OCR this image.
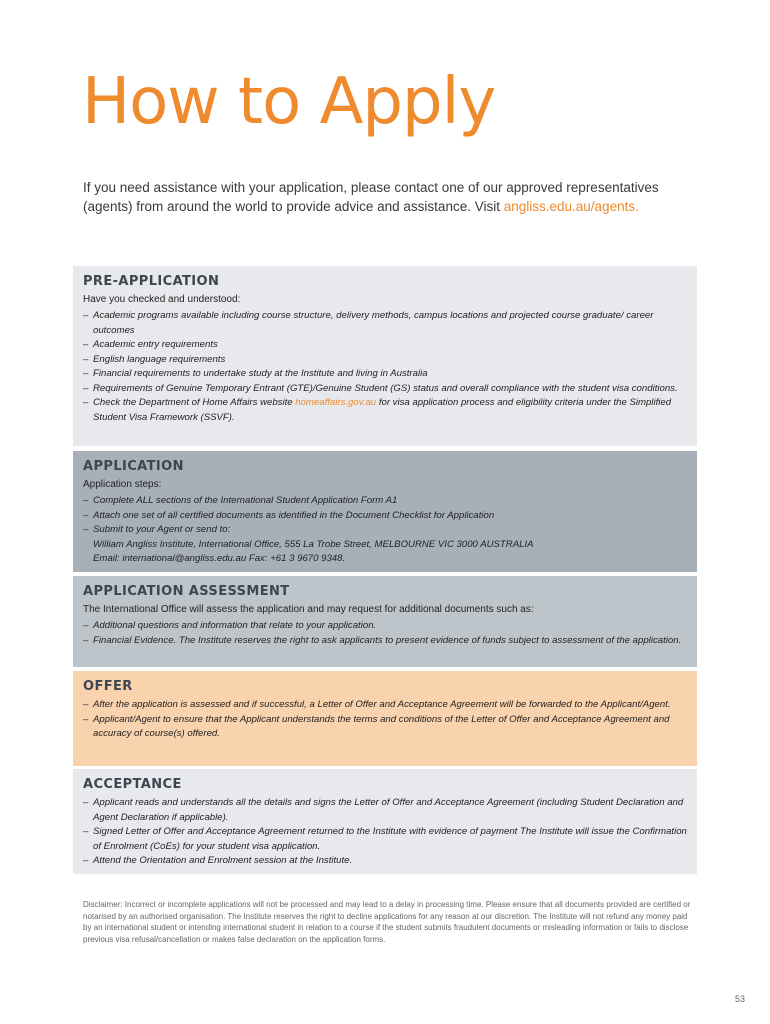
How to Apply

If you need assistance with your application, please contact one of our approved representatives (agents) from around the world to provide advice and assistance. Visit angliss.edu.au/agents.

PRE-APPLICATION
Have you checked and understood:
– Academic programs available including course structure, delivery methods, campus locations and projected course graduate/ career outcomes
– Academic entry requirements
– English language requirements
– Financial requirements to undertake study at the Institute and living in Australia
– Requirements of Genuine Temporary Entrant (GTE)/Genuine Student (GS) status and overall compliance with the student visa conditions.
– Check the Department of Home Affairs website homeaffairs.gov.au for visa application process and eligibility criteria under the Simplified Student Visa Framework (SSVF).
APPLICATION
Application steps:
– Complete ALL sections of the International Student Application Form A1
– Attach one set of all certified documents as identified in the Document Checklist for Application
– Submit to your Agent or send to:
William Angliss Institute, International Office, 555 La Trobe Street, MELBOURNE VIC 3000 AUSTRALIA
Email: international@angliss.edu.au Fax: +61 3 9670 9348.
APPLICATION ASSESSMENT
The International Office will assess the application and may request for additional documents such as:
– Additional questions and information that relate to your application.
– Financial Evidence. The Institute reserves the right to ask applicants to present evidence of funds subject to assessment of the application.
OFFER
– After the application is assessed and if successful, a Letter of Offer and Acceptance Agreement will be forwarded to the Applicant/Agent.
– Applicant/Agent to ensure that the Applicant understands the terms and conditions of the Letter of Offer and Acceptance Agreement and accuracy of course(s) offered.
ACCEPTANCE
– Applicant reads and understands all the details and signs the Letter of Offer and Acceptance Agreement (including Student Declaration and Agent Declaration if applicable).
– Signed Letter of Offer and Acceptance Agreement returned to the Institute with evidence of payment The Institute will issue the Confirmation of Enrolment (CoEs) for your student visa application.
– Attend the Orientation and Enrolment session at the Institute.

Disclaimer: Incorrect or incomplete applications will not be processed and may lead to a delay in processing time. Please ensure that all documents provided are certified or notarised by an authorised organisation. The Institute reserves the right to decline applications for any reason at our discretion. The Institute will not refund any money paid by an international student or intending international student in relation to a course if the student submits fraudulent documents or misleading information or fails to disclose previous visa refusal/cancellation or makes false declaration on the application forms.

53
